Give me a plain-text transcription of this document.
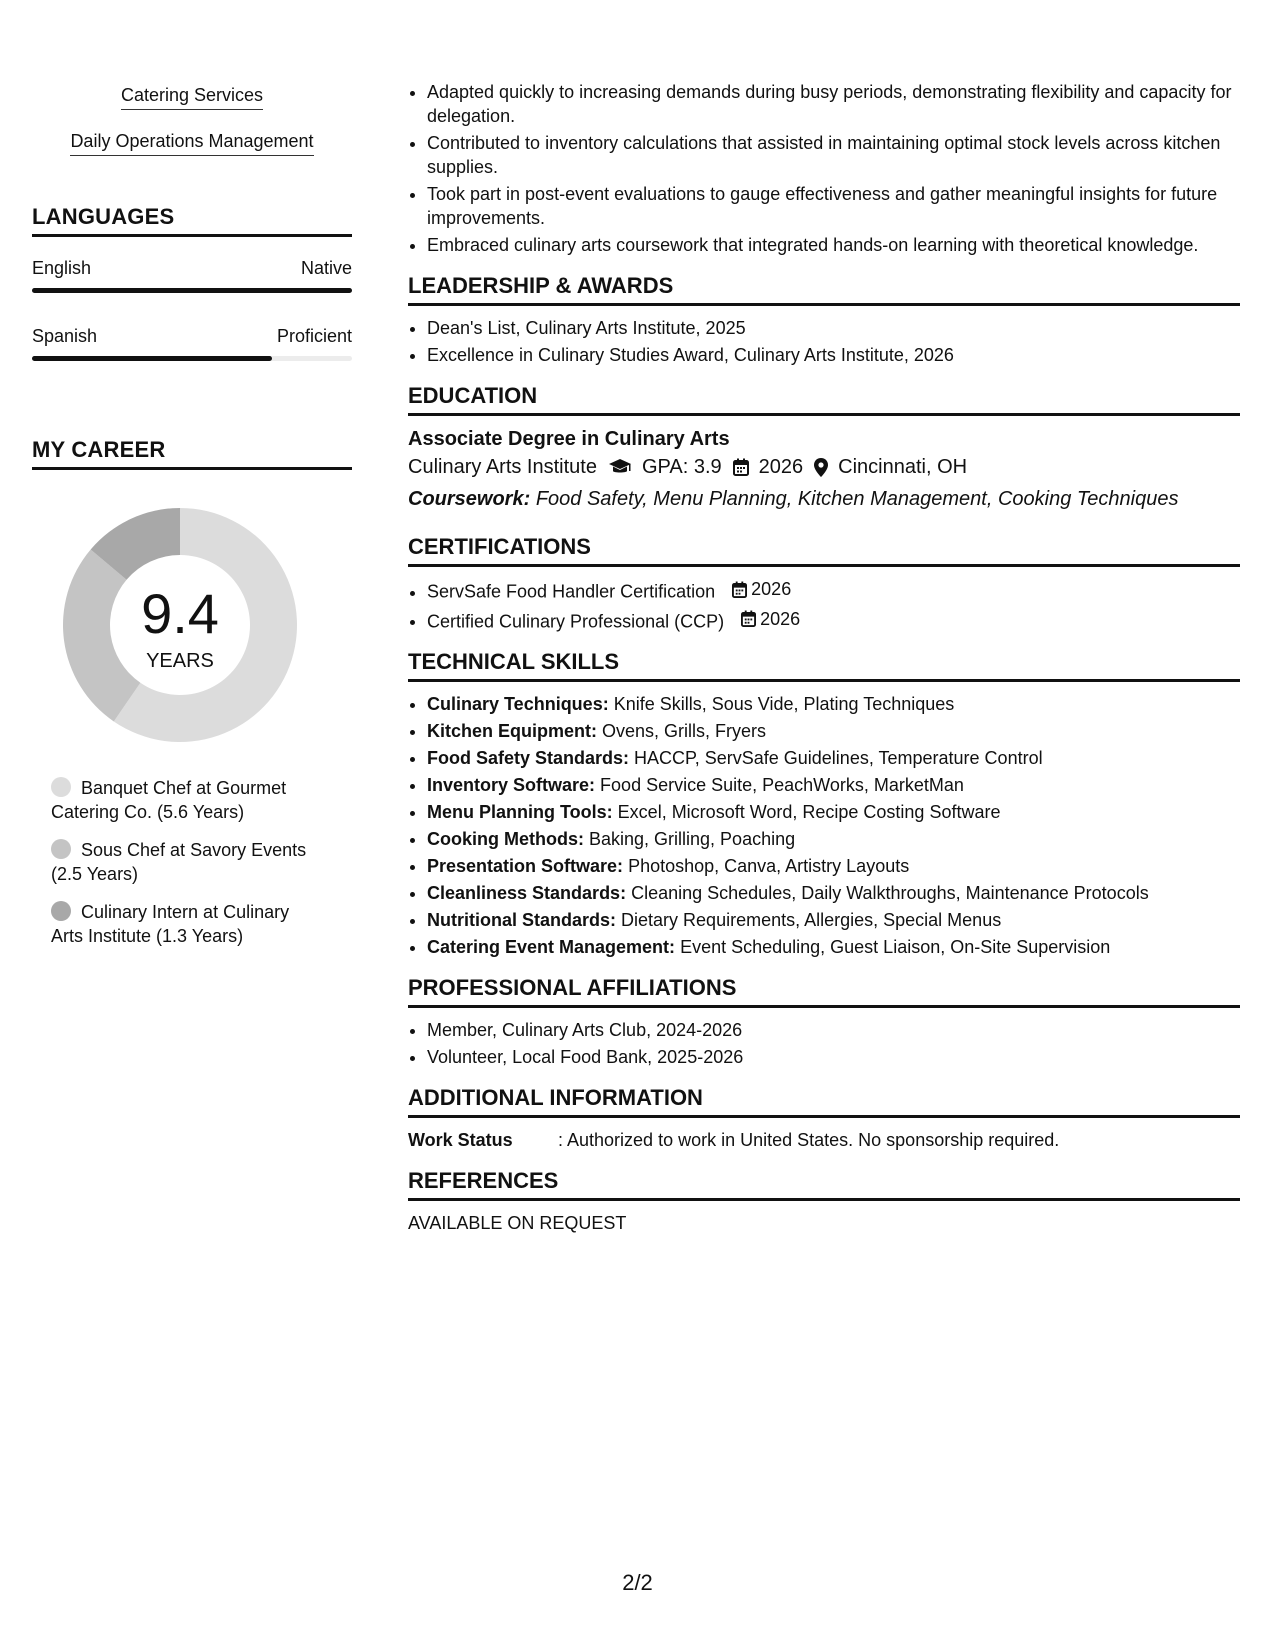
Catering Services
Daily Operations Management
LANGUAGES
English	Native
Spanish	Proficient
MY CAREER
9.4
YEARS
Banquet Chef at Gourmet Catering Co. (5.6 Years)
Sous Chef at Savory Events (2.5 Years)
Culinary Intern at Culinary Arts Institute (1.3 Years)
• Adapted quickly to increasing demands during busy periods, demonstrating flexibility and capacity for delegation.
• Contributed to inventory calculations that assisted in maintaining optimal stock levels across kitchen supplies.
• Took part in post-event evaluations to gauge effectiveness and gather meaningful insights for future improvements.
• Embraced culinary arts coursework that integrated hands-on learning with theoretical knowledge.
LEADERSHIP & AWARDS
• Dean's List, Culinary Arts Institute, 2025
• Excellence in Culinary Studies Award, Culinary Arts Institute, 2026
EDUCATION
Associate Degree in Culinary Arts
Culinary Arts Institute GPA: 3.9 2026 Cincinnati, OH
Coursework: Food Safety, Menu Planning, Kitchen Management, Cooking Techniques
CERTIFICATIONS
• ServSafe Food Handler Certification 2026
• Certified Culinary Professional (CCP) 2026
TECHNICAL SKILLS
• Culinary Techniques: Knife Skills, Sous Vide, Plating Techniques
• Kitchen Equipment: Ovens, Grills, Fryers
• Food Safety Standards: HACCP, ServSafe Guidelines, Temperature Control
• Inventory Software: Food Service Suite, PeachWorks, MarketMan
• Menu Planning Tools: Excel, Microsoft Word, Recipe Costing Software
• Cooking Methods: Baking, Grilling, Poaching
• Presentation Software: Photoshop, Canva, Artistry Layouts
• Cleanliness Standards: Cleaning Schedules, Daily Walkthroughs, Maintenance Protocols
• Nutritional Standards: Dietary Requirements, Allergies, Special Menus
• Catering Event Management: Event Scheduling, Guest Liaison, On-Site Supervision
PROFESSIONAL AFFILIATIONS
• Member, Culinary Arts Club, 2024-2026
• Volunteer, Local Food Bank, 2025-2026
ADDITIONAL INFORMATION
Work Status	: Authorized to work in United States. No sponsorship required.
REFERENCES
AVAILABLE ON REQUEST
2/2
